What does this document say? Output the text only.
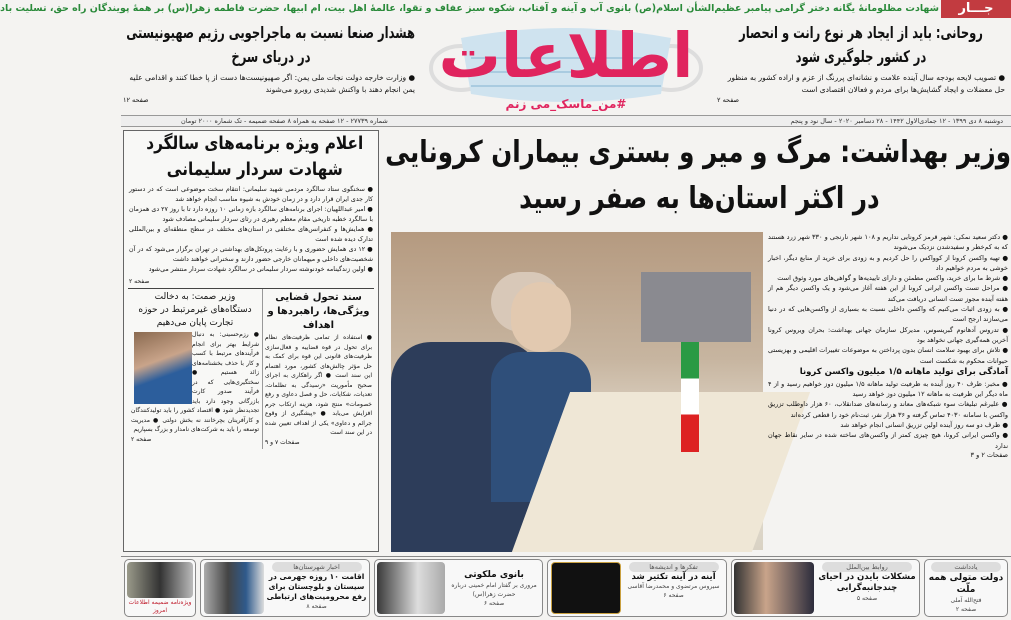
شهادت مظلومانهٔ یگانه دختر گرامی پیامبر عظیم‌الشأن اسلام(ص) بانوی آب و آینه و آفتاب، شکوه سبز عفاف و تقوا، عالمهٔ اهل بیت، ام ابیها، حضرت فاطمه زهرا(س) بر همهٔ پویندگان راه حق، تسلیت باد	جـــار
روحانی: باید از ایجاد هر نوع رانت و انحصار
در کشور جلوگیری شود
● تصویب لایحه بودجه سال آینده علامت و نشانه‌ای پررنگ از عزم و اراده کشور به منظور حل معضلات و ایجاد گشایش‌ها برای مردم و فعالان اقتصادی است
صفحه ۲
هشدار صنعا نسبت به ماجراجویی رژیم صهیونیستی
در دریای سرخ
● وزارت خارجه دولت نجات ملی یمن: اگر صهیونیست‌ها دست از پا خطا کنند و اقدامی علیه یمن انجام دهند با واکنش شدیدی روبرو می‌شوند
صفحه ۱۲
اطلاعات
#من_ماسک_می زنم
دوشنبه ۸ دی ۱۳۹۹ - ۱۲ جمادی‌الاول ۱۴۴۲ - ۲۸ دسامبر ۲۰۲۰ - سال نود و پنجم
شماره ۲۷۷۳۹ - ۱۲ صفحه به همراه ۸ صفحه ضمیمه - تک شماره ۲۰۰۰ تومان
وزیر بهداشت: مرگ و میر و بستری بیماران کرونایی
در اکثر استان‌ها به صفر رسید
● دکتر سعید نمکی: شهر قرمز کرونایی نداریم و ۱۰۸ شهر نارنجی و ۳۳۰ شهر زرد هستند که به کم‌خطر و سفیدشدن نزدیک می‌شوند
● تهیه واکسن کرونا از کوواکس را حل کردیم و به زودی برای خرید از منابع دیگر، اخبار خوشی به مردم خواهیم داد
● شرط ما برای خرید، واکسن مطمئن و دارای تاییدیه‌ها و گواهی‌های مورد وثوق است
● مراحل تست واکسن ایرانی کرونا از این هفته آغاز می‌شود و یک واکسن دیگر هم از هفته آینده مجوز تست انسانی دریافت می‌کند
● به زودی اثبات می‌کنیم که واکسن داخلی نسبت به بسیاری از واکسن‌هایی که در دنیا می‌سازند ارجح است
● تدروس آدهانوم گبریسوس، مدیرکل سازمان جهانی بهداشت: بحران ویروس کرونا آخرین همه‌گیری جهانی نخواهد بود
● تلاش برای بهبود سلامت انسان بدون پرداختن به موضوعات تغییرات اقلیمی و بهزیستی حیوانات محکوم به شکست است
آمادگی برای تولید ماهانه ۱/۵ میلیون واکسن کرونا
● مخبر: ظرف ۴۰ روز آینده به ظرفیت تولید ماهانه ۱/۵ میلیون دوز خواهیم رسید و از ۴ ماه دیگر این ظرفیت به ماهانه ۱۲ میلیون دوز خواهد رسید
● علیرغم تبلیغات سوء شبکه‌های معاند و رسانه‌های ضدانقلاب، ۶۰ هزار داوطلب تزریق واکسن با سامانه ۴۰۳۰ تماس گرفته و ۳۶ هزار نفر، ثبت‌نام خود را قطعی کرده‌اند
● ظرف دو سه روز آینده اولین تزریق انسانی انجام خواهد شد
● واکسن ایرانی کرونا، هیچ چیزی کمتر از واکسن‌های ساخته شده در سایر نقاط جهان ندارد
صفحات ۲ و ۳
اعلام ویژه برنامه‌های سالگرد
شهادت سردار سلیمانی
● سخنگوی ستاد سالگرد مردمی شهید سلیمانی: انتقام سخت موضوعی است که در دستور کار جدی ایران قرار دارد و در زمان خودش به شیوه مناسب انجام خواهد شد
● امیر عبداللهیان: اجرای برنامه‌های سالگرد بازه زمانی ۱۰ روزه دارد تا با روز ۲۷ دی همزمان با سالگرد خطبه تاریخی مقام معظم رهبری در رثای سردار سلیمانی مصادف شود
● همایش‌ها و کنفرانس‌های مختلفی در استان‌های مختلف در سطح منطقه‌ای و بین‌المللی تدارک دیده شده است
● ۱۲ دی همایش حضوری و با رعایت پروتکل‌های بهداشتی در تهران برگزار می‌شود که در آن شخصیت‌های داخلی و میهمانان خارجی حضور دارند و سخنرانی خواهند داشت
● اولین زندگینامه خودنوشته سردار سلیمانی در سالگرد شهادت سردار منتشر می‌شود
صفحه ۲
سند تحول قضایی ویژگی‌ها، راهبردها و اهداف
● استفاده از تمامی ظرفیت‌های نظام برای تحول در قوه قضاییه و فعال‌سازی ظرفیت‌های قانونی این قوه برای کمک به حل مؤثر چالش‌های کشور، مورد اهتمام این سند است ● اگر راهکاری به اجرای صحیح مأموریت «رسیدگی به تظلمات، تعدیات، شکایات، حل و فصل دعاوی و رفع خصومات» منتج شود، هزینه ارتکاب جرم افزایش می‌یابد ● «پیشگیری از وقوع جرائم و دعاوی» یکی از اهداف تعیین شده در این سند است
صفحات ۷ و ۹
وزیر صمت: به دخالت
دستگاه‌های غیرمرتبط در حوزه
تجارت پایان می‌دهیم
● رزم‌حسینی: به دنبال شرایط بهتر برای انجام فرآیندهای مرتبط با کسب و کار با حذف بخشنامه‌های زائد هستیم ● سختگیری‌هایی که در فرآیند صدور کارت بازرگانی وجود دارد باید تجدیدنظر شود ● اقتصاد کشور را باید تولیدکنندگان و کارآفرینان بچرخانند نه بخش دولتی ● مدیریت توسعه را باید به شرکت‌های نامدار و بزرگ بسپاریم
صفحه ۲
یادداشت
دولت متولی همه ملّت
فتح‌الله آملی
صفحه ۲
روابط بین‌الملل
مشکلات بایدن در احیای چندجانبه‌گرایی
صفحه ۵
تفکرها و اندیشه‌ها
آینه در آینه تکثیر شد
سیروس مرتضوی و محمدرضا آقاسی صفحه ۶
بانوی ملکوتی
مروری بر گفتار امام خمینی درباره حضرت زهرا(س)
صفحه ۶
اخبار شهرستان‌ها
اقامت ۱۰ روزه جهرمی در سیستان و بلوچستان برای رفع محرومیت‌های ارتباطی
صفحه ۸
ویژه‌نامه ضمیمه اطلاعات امروز
